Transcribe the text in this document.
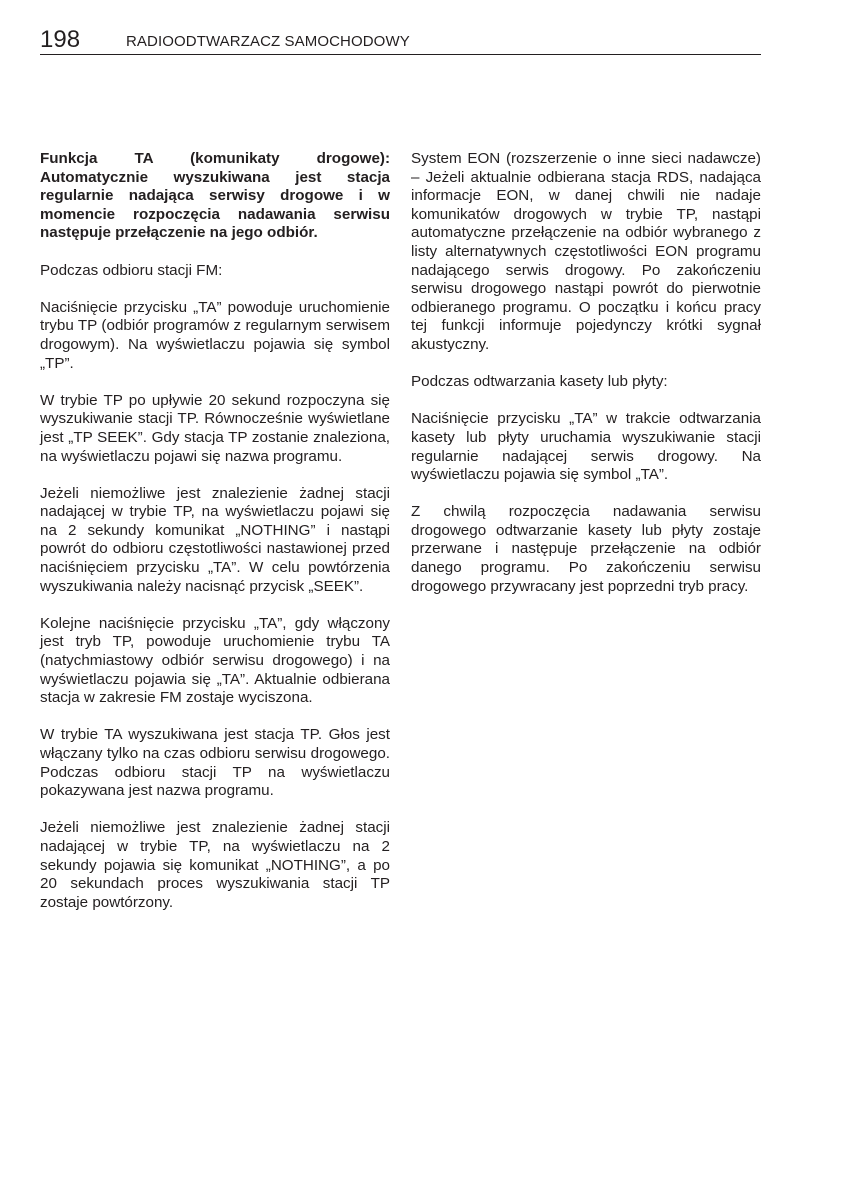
198	RADIOODTWARZACZ SAMOCHODOWY

Funkcja TA (komunikaty drogowe): Automatycznie wyszukiwana jest stacja regularnie nadająca serwisy drogowe i w momencie rozpoczęcia nadawania serwisu następuje przełączenie na jego odbiór.

Podczas odbioru stacji FM:

Naciśnięcie przycisku „TA” powoduje uruchomienie trybu TP (odbiór programów z regularnym serwisem drogowym). Na wyświetlaczu pojawia się symbol „TP”.

W trybie TP po upływie 20 sekund rozpoczyna się wyszukiwanie stacji TP. Równocześnie wyświetlane jest „TP SEEK”. Gdy stacja TP zostanie znaleziona, na wyświetlaczu pojawi się nazwa programu.

Jeżeli niemożliwe jest znalezienie żadnej stacji nadającej w trybie TP, na wyświetlaczu pojawi się na 2 sekundy komunikat „NOTHING” i nastąpi powrót do odbioru częstotliwości nastawionej przed naciśnięciem przycisku „TA”. W celu powtórzenia wyszukiwania należy nacisnąć przycisk „SEEK”.

Kolejne naciśnięcie przycisku „TA”, gdy włączony jest tryb TP, powoduje uruchomienie trybu TA (natychmiastowy odbiór serwisu drogowego) i na wyświetlaczu pojawia się „TA”. Aktualnie odbierana stacja w zakresie FM zostaje wyciszona.

W trybie TA wyszukiwana jest stacja TP. Głos jest włączany tylko na czas odbioru serwisu drogowego. Podczas odbioru stacji TP na wyświetlaczu pokazywana jest nazwa programu.

Jeżeli niemożliwe jest znalezienie żadnej stacji nadającej w trybie TP, na wyświetlaczu na 2 sekundy pojawia się komunikat „NOTHING”, a po 20 sekundach proces wyszukiwania stacji TP zostaje powtórzony.

System EON (rozszerzenie o inne sieci nadawcze) – Jeżeli aktualnie odbierana stacja RDS, nadająca informacje EON, w danej chwili nie nadaje komunikatów drogowych w trybie TP, nastąpi automatyczne przełączenie na odbiór wybranego z listy alternatywnych częstotliwości EON programu nadającego serwis drogowy. Po zakończeniu serwisu drogowego nastąpi powrót do pierwotnie odbieranego programu. O początku i końcu pracy tej funkcji informuje pojedynczy krótki sygnał akustyczny.

Podczas odtwarzania kasety lub płyty:

Naciśnięcie przycisku „TA” w trakcie odtwarzania kasety lub płyty uruchamia wyszukiwanie stacji regularnie nadającej serwis drogowy. Na wyświetlaczu pojawia się symbol „TA”.

Z chwilą rozpoczęcia nadawania serwisu drogowego odtwarzanie kasety lub płyty zostaje przerwane i następuje przełączenie na odbiór danego programu. Po zakończeniu serwisu drogowego przywracany jest poprzedni tryb pracy.
